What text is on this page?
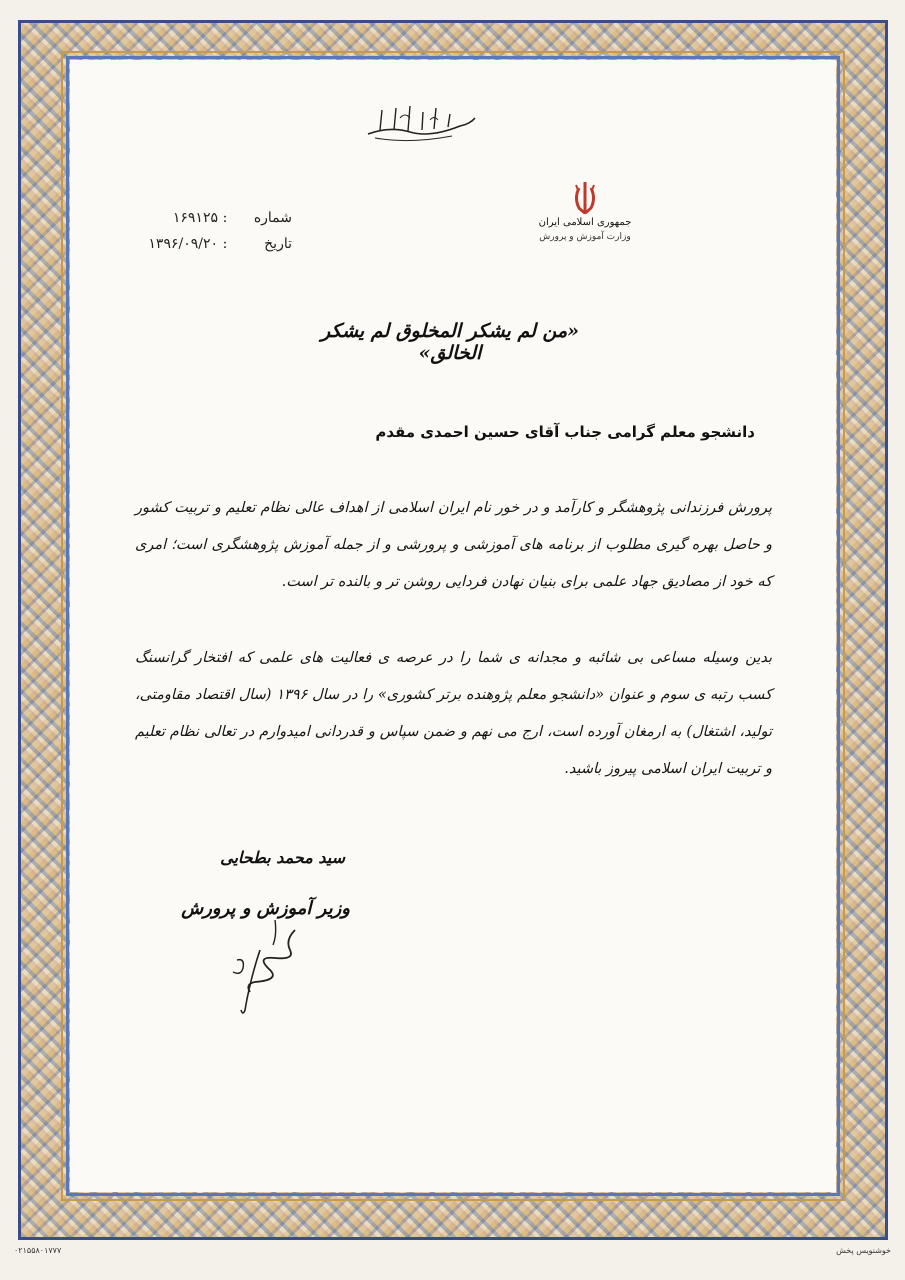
جمهوری اسلامی ایران
وزارت آموزش و پرورش
شماره
:
۱۶۹۱۲۵
تاریخ
:
۱۳۹۶/۰۹/۲۰
«من لم یشکر المخلوق لم یشکر الخالق»
دانشجو معلم گرامی جناب آقای حسین احمدی مقدم
پرورش فرزندانی پژوهشگر و کارآمد و در خور نام ایران اسلامی از اهداف عالی نظام تعلیم و تربیت کشور و حاصل بهره گیری مطلوب از برنامه های آموزشی و پرورشی و از جمله آموزش پژوهشگری است؛ امری که خود از مصادیق جهاد علمی برای بنیان نهادن فردایی روشن تر و بالنده تر است.
بدین وسیله مساعی بی شائبه و مجدانه ی شما را در عرصه ی فعالیت های علمی که افتخار گرانسنگ کسب رتبه ی سوم و عنوان «دانشجو معلم پژوهنده برتر کشوری» را در سال ۱۳۹۶ (سال اقتصاد مقاومتی، تولید، اشتغال) به ارمغان آورده است، ارج می نهم و ضمن سپاس و قدردانی امیدوارم در تعالی نظام تعلیم و تربیت ایران اسلامی پیروز باشید.
سید محمد بطحایی
وزیر آموزش و پرورش
۰۲۱۵۵۸۰۱۷۷۷	خوشنویس پخش
